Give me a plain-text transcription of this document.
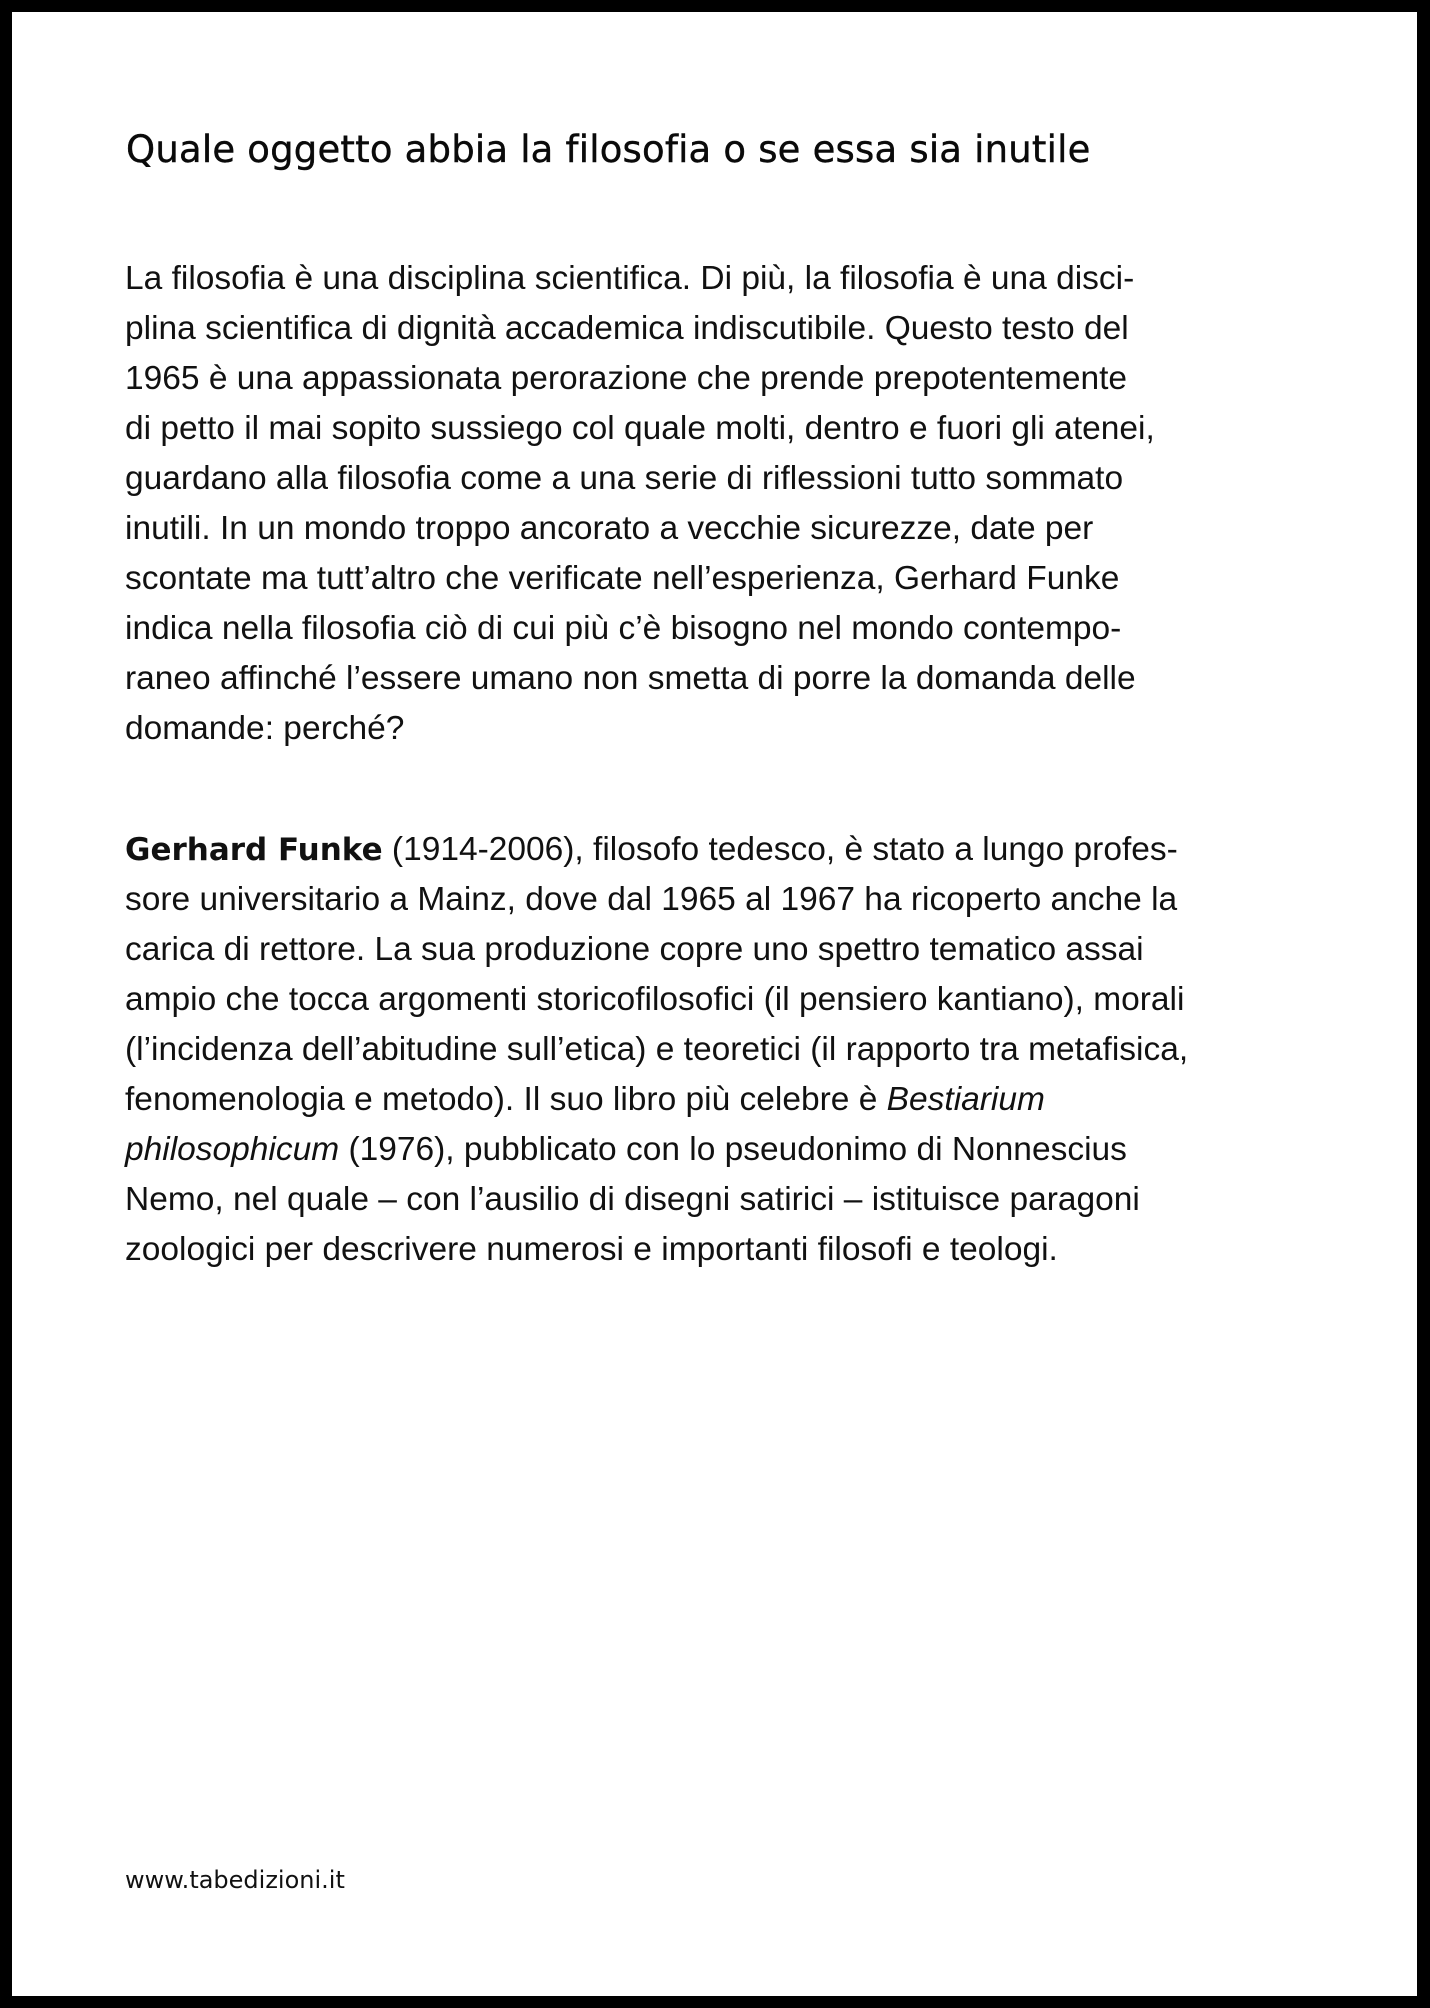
Quale oggetto abbia la filosofia o se essa sia inutile

La filosofia è una disciplina scientifica. Di più, la filosofia è una disci-
plina scientifica di dignità accademica indiscutibile. Questo testo del
1965 è una appassionata perorazione che prende prepotentemente
di petto il mai sopito sussiego col quale molti, dentro e fuori gli atenei,
guardano alla filosofia come a una serie di riflessioni tutto sommato
inutili. In un mondo troppo ancorato a vecchie sicurezze, date per
scontate ma tutt’altro che verificate nell’esperienza, Gerhard Funke
indica nella filosofia ciò di cui più c’è bisogno nel mondo contempo-
raneo affinché l’essere umano non smetta di porre la domanda delle
domande: perché?

Gerhard Funke (1914-2006), filosofo tedesco, è stato a lungo profes-
sore universitario a Mainz, dove dal 1965 al 1967 ha ricoperto anche la
carica di rettore. La sua produzione copre uno spettro tematico assai
ampio che tocca argomenti storicofilosofici (il pensiero kantiano), morali
(l’incidenza dell’abitudine sull’etica) e teoretici (il rapporto tra metafisica,
fenomenologia e metodo). Il suo libro più celebre è Bestiarium
philosophicum (1976), pubblicato con lo pseudonimo di Nonnescius
Nemo, nel quale – con l’ausilio di disegni satirici – istituisce paragoni
zoologici per descrivere numerosi e importanti filosofi e teologi.

www.tabedizioni.it
